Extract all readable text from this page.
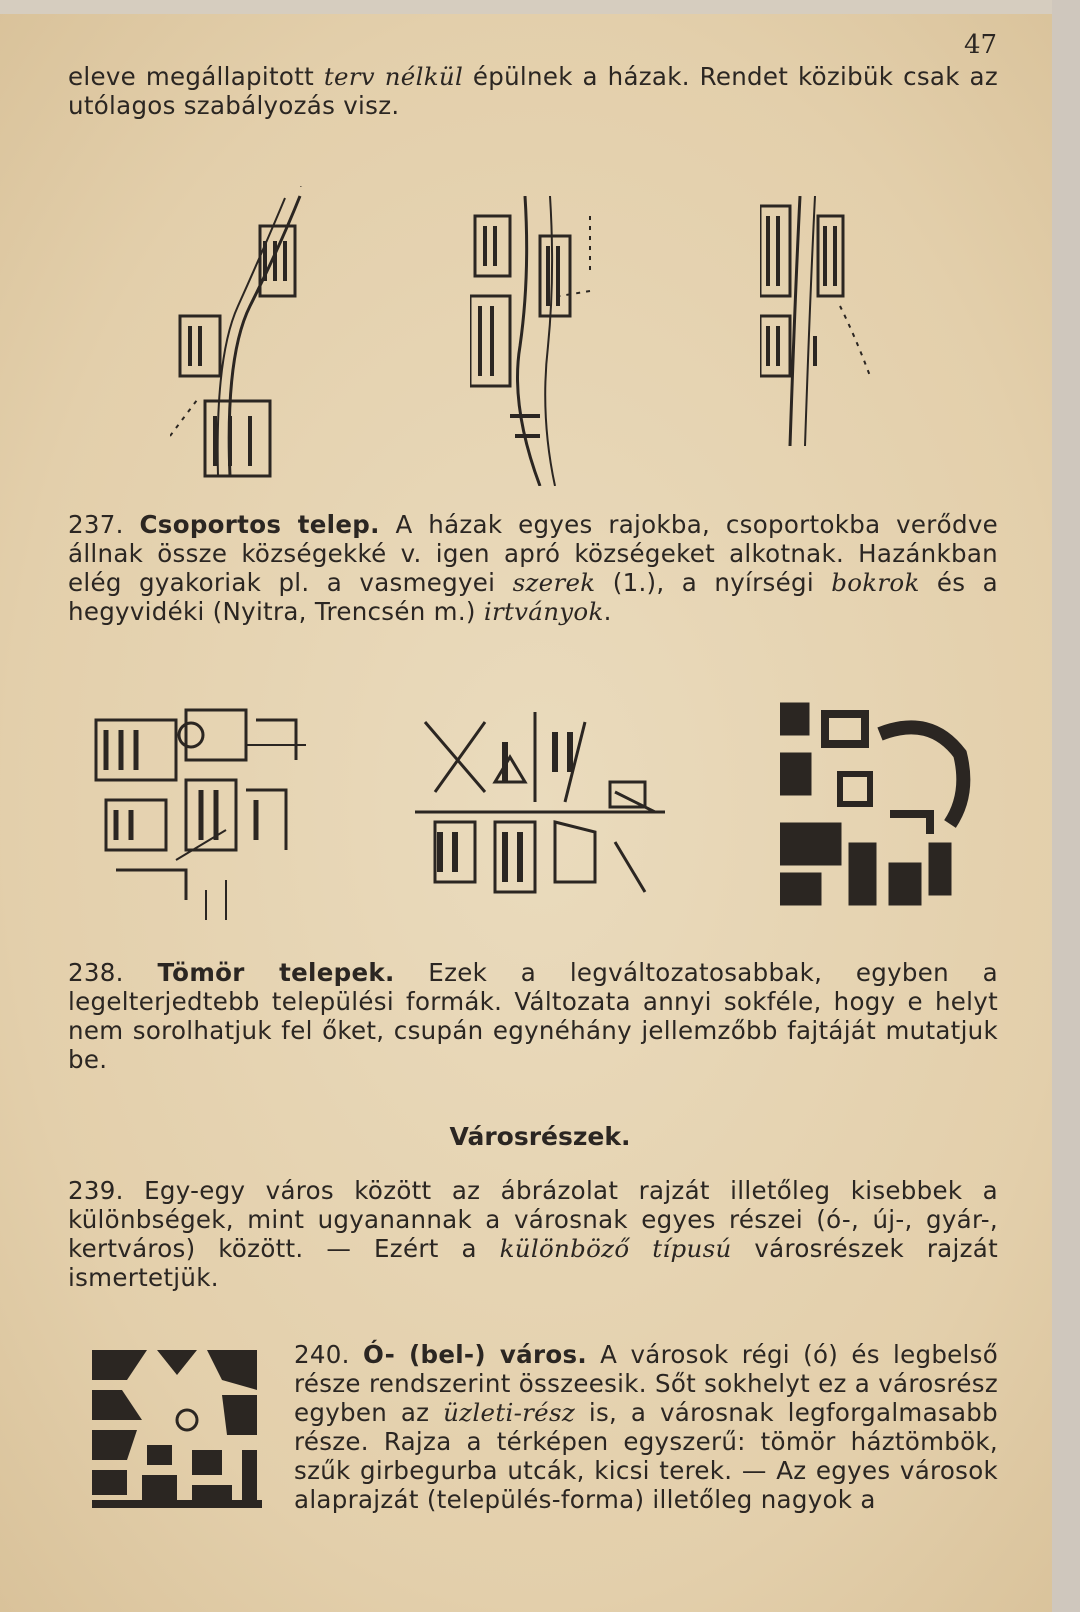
47

eleve megállapitott terv nélkül épülnek a házak. Rendet közibük csak az utólagos szabályozás visz.

237. Csoportos telep. A házak egyes rajokba, csoportokba verődve állnak össze községekké v. igen apró községeket alkotnak. Hazánkban elég gyakoriak pl. a vasmegyei szerek (1.), a nyírségi bokrok és a hegyvidéki (Nyitra, Trencsén m.) irtványok.

238. Tömör telepek. Ezek a legváltozatosabbak, egyben a legelterjedtebb települési formák. Változata annyi sokféle, hogy e helyt nem sorolhatjuk fel őket, csupán egynéhány jellemzőbb fajtáját mutatjuk be.

Városrészek.

239. Egy-egy város között az ábrázolat rajzát illetőleg kisebbek a különbségek, mint ugyanannak a városnak egyes részei (ó-, új-, gyár-, kertváros) között. — Ezért a különböző típusú városrészek rajzát ismertetjük.

240. Ó- (bel-) város. A városok régi (ó) és legbelső része rendszerint összeesik. Sőt sokhelyt ez a városrész egyben az üzleti-rész is, a városnak legforgalmasabb része. Rajza a térképen egyszerű: tömör háztömbök, szűk girbegurba utcák, kicsi terek. — Az egyes városok alaprajzát (település-forma) illetőleg nagyok a
